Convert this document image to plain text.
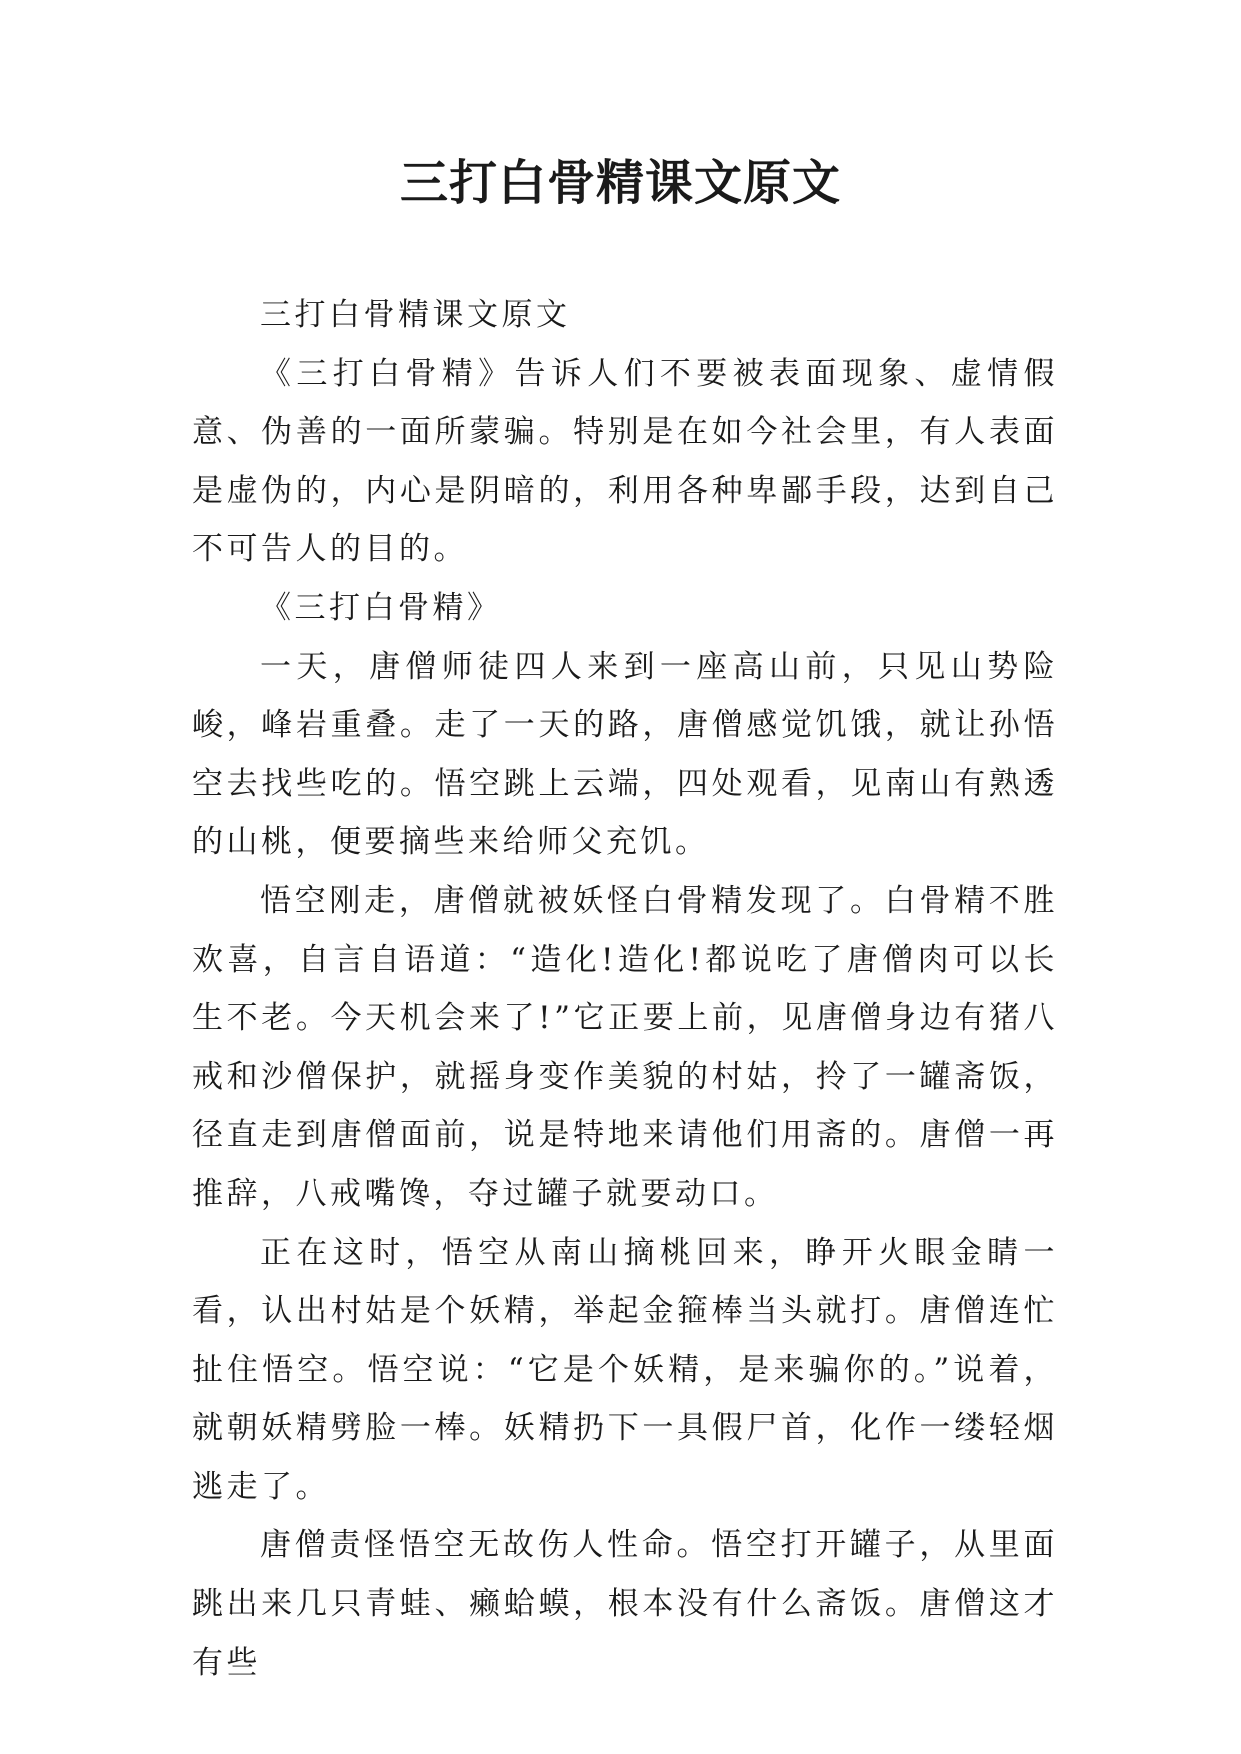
三打白骨精课文原文

三打白骨精课文原文

《三打白骨精》告诉人们不要被表面现象、虚情假意、伪善的一面所蒙骗。特别是在如今社会里，有人表面是虚伪的，内心是阴暗的，利用各种卑鄙手段，达到自己不可告人的目的。

《三打白骨精》

一天，唐僧师徒四人来到一座高山前，只见山势险峻，峰岩重叠。走了一天的路，唐僧感觉饥饿，就让孙悟空去找些吃的。悟空跳上云端，四处观看，见南山有熟透的山桃，便要摘些来给师父充饥。

悟空刚走，唐僧就被妖怪白骨精发现了。白骨精不胜欢喜，自言自语道：“造化!造化!都说吃了唐僧肉可以长生不老。今天机会来了!”它正要上前，见唐僧身边有猪八戒和沙僧保护，就摇身变作美貌的村姑，拎了一罐斋饭，径直走到唐僧面前，说是特地来请他们用斋的。唐僧一再推辞，八戒嘴馋，夺过罐子就要动口。

正在这时，悟空从南山摘桃回来，睁开火眼金睛一看，认出村姑是个妖精，举起金箍棒当头就打。唐僧连忙扯住悟空。悟空说：“它是个妖精，是来骗你的。”说着，就朝妖精劈脸一棒。妖精扔下一具假尸首，化作一缕轻烟逃走了。

唐僧责怪悟空无故伤人性命。悟空打开罐子，从里面跳出来几只青蛙、癞蛤蟆，根本没有什么斋饭。唐僧这才有些
